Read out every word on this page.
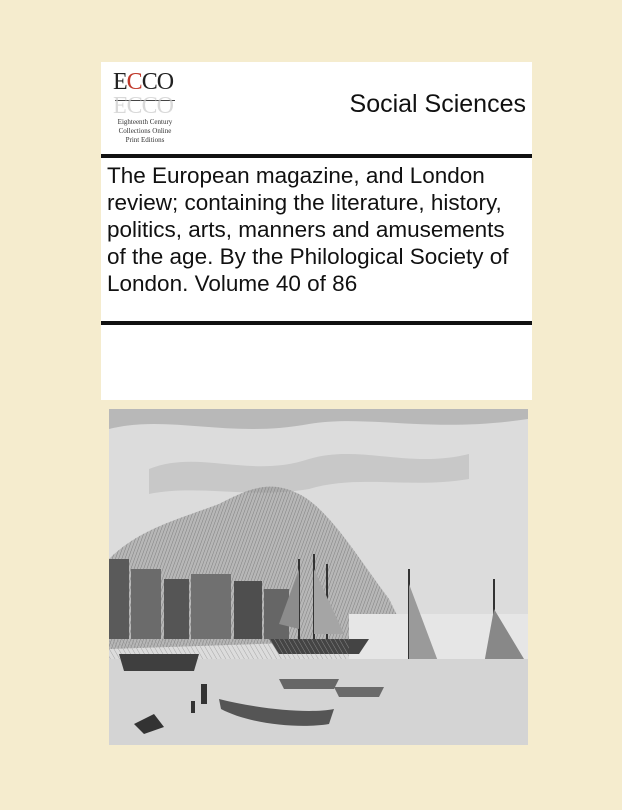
ECCO
ECCO
Eighteenth Century
Collections Online
Print Editions
Social Sciences
The European magazine, and London review; containing the literature, history, politics, arts, manners and amusements of the age. By the Philological Society of London. Volume 40 of 86
